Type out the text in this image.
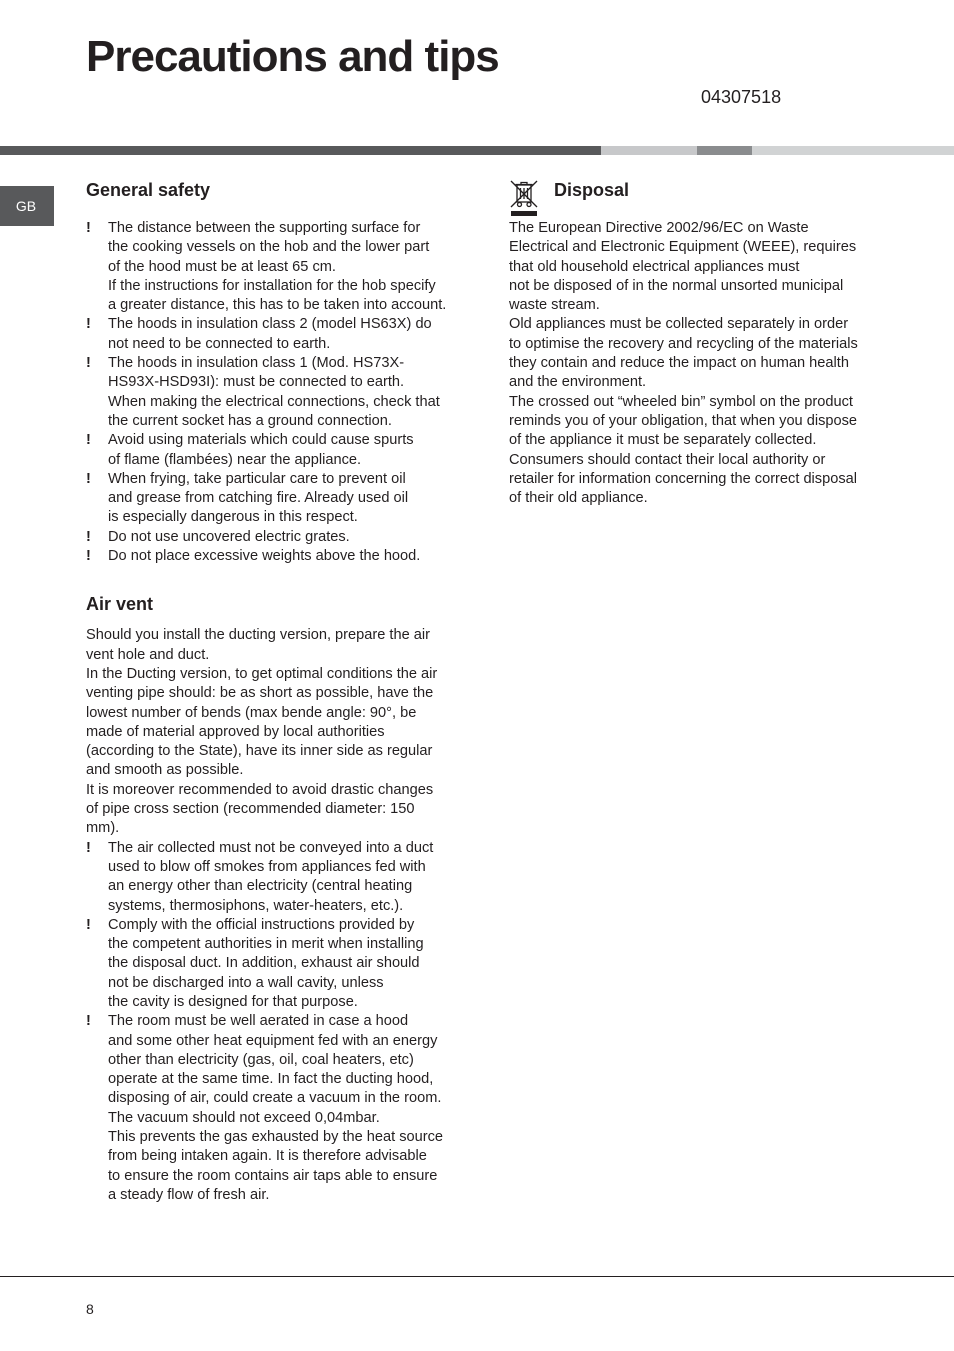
Precautions and tips
04307518
GB
General safety
!	The distance between the supporting surface for
the cooking vessels on the hob and the lower part
of the hood must be at least 65 cm.
If the instructions for installation for the hob specify
a greater distance, this has to be taken into account.
!	The hoods in insulation class 2 (model HS63X) do
not need to be connected to earth.
!	The hoods in insulation class 1 (Mod. HS73X-
HS93X-HSD93I): must be connected to earth.
When making the electrical connections, check that
the current socket has a ground connection.
!	Avoid using materials which could cause spurts
of flame (flambées) near the appliance.
!	When frying, take particular care to prevent oil
and grease from catching fire. Already used oil
is especially dangerous in this respect.
!	Do not use uncovered electric grates.
!	Do not place excessive weights above the hood.
Air vent

Should you install the ducting version, prepare the air
vent hole and duct.
In the Ducting version, to get optimal conditions the air
venting pipe should: be as short as possible, have the
lowest number of bends (max bende angle: 90°, be
made of material approved by local authorities
(according to the State), have its inner side as regular
and smooth as possible.
It is moreover recommended to avoid drastic changes
of pipe cross section (recommended diameter: 150
mm).

!	The air collected must not be conveyed into a duct
used to blow off smokes from appliances fed with
an energy other than electricity (central heating
systems, thermosiphons, water-heaters, etc.).
!	Comply with the official instructions provided by
the competent authorities in merit when installing
the disposal duct. In addition, exhaust air should
not be discharged into a wall cavity, unless
the cavity is designed for that purpose.
!	The room must be well aerated in case a hood
and some other heat equipment fed with an energy
other than electricity (gas, oil, coal heaters, etc)
operate at the same time. In fact the ducting hood,
disposing of air, could create a vacuum in the room.
The vacuum should not exceed 0,04mbar.
This prevents the gas exhausted by the heat source
from being intaken again. It is therefore advisable
to ensure the room contains air taps able to ensure
a steady flow of fresh air.
Disposal

The European Directive 2002/96/EC on Waste
Electrical and Electronic Equipment (WEEE), requires
that old household electrical appliances must
not be disposed of in the normal unsorted municipal
waste stream.
Old appliances must be collected separately in order
to optimise the recovery and recycling of the materials
they contain and reduce the impact on human health
and the environment.
The crossed out “wheeled bin” symbol on the product
reminds you of your obligation, that when you dispose
of the appliance it must be separately collected.
Consumers should contact their local authority or
retailer for information concerning the correct disposal
of their old appliance.

8
